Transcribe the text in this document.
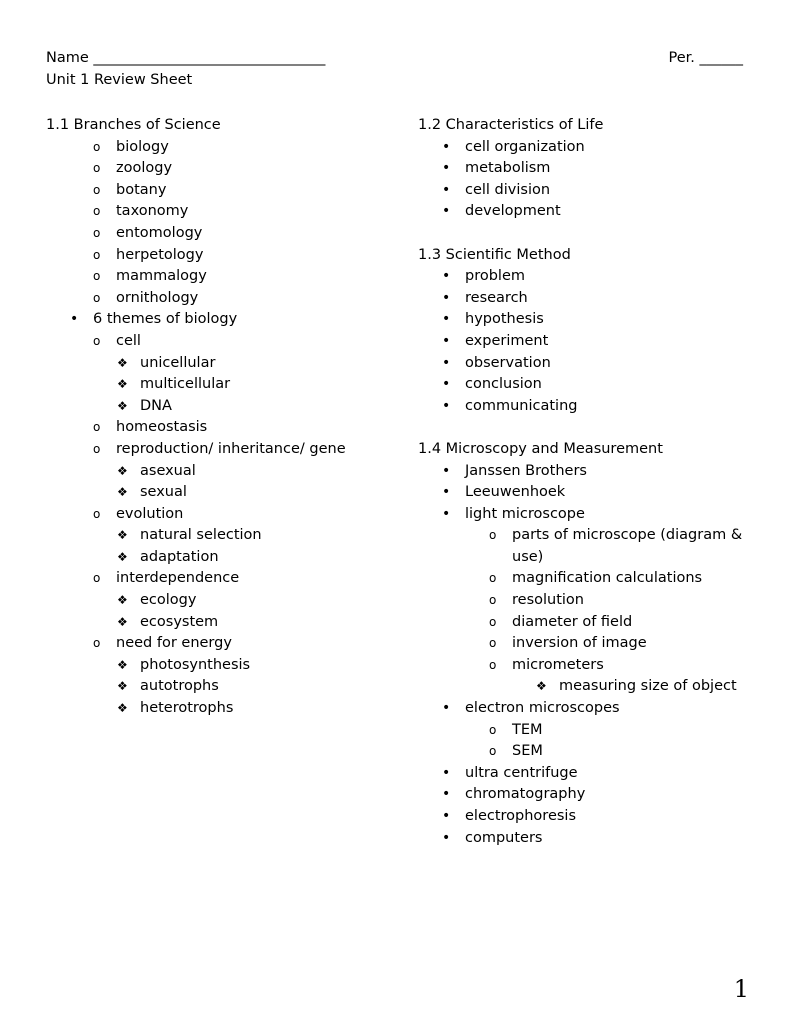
Name ________________________________	Per. ______
Unit 1 Review Sheet
1.1 Branches of Science
o	biology
o	zoology
o	botany
o	taxonomy
o	entomology
o	herpetology
o	mammalogy
o	ornithology
•	6 themes of biology
o	cell
❖ unicellular
❖ multicellular
❖ DNA
o	homeostasis
o	reproduction/ inheritance/ gene
❖ asexual
❖ sexual
o	evolution
❖ natural selection
❖ adaptation
o	interdependence
❖ ecology
❖ ecosystem
o	need for energy
❖ photosynthesis
❖ autotrophs
❖ heterotrophs
1.2 Characteristics of Life
•	cell organization
•	metabolism
•	cell division
•	development
1.3 Scientific Method
•	problem
•	research
•	hypothesis
•	experiment
•	observation
•	conclusion
•	communicating
1.4 Microscopy and Measurement
•	Janssen Brothers
•	Leeuwenhoek
•	light microscope
o	parts of microscope (diagram &
use)
o	magnification calculations
o	resolution
o	diameter of field
o	inversion of image
o	micrometers
❖ measuring size of object
•	electron microscopes
o	TEM
o	SEM
•	ultra centrifuge
•	chromatography
•	electrophoresis
•	computers
1
